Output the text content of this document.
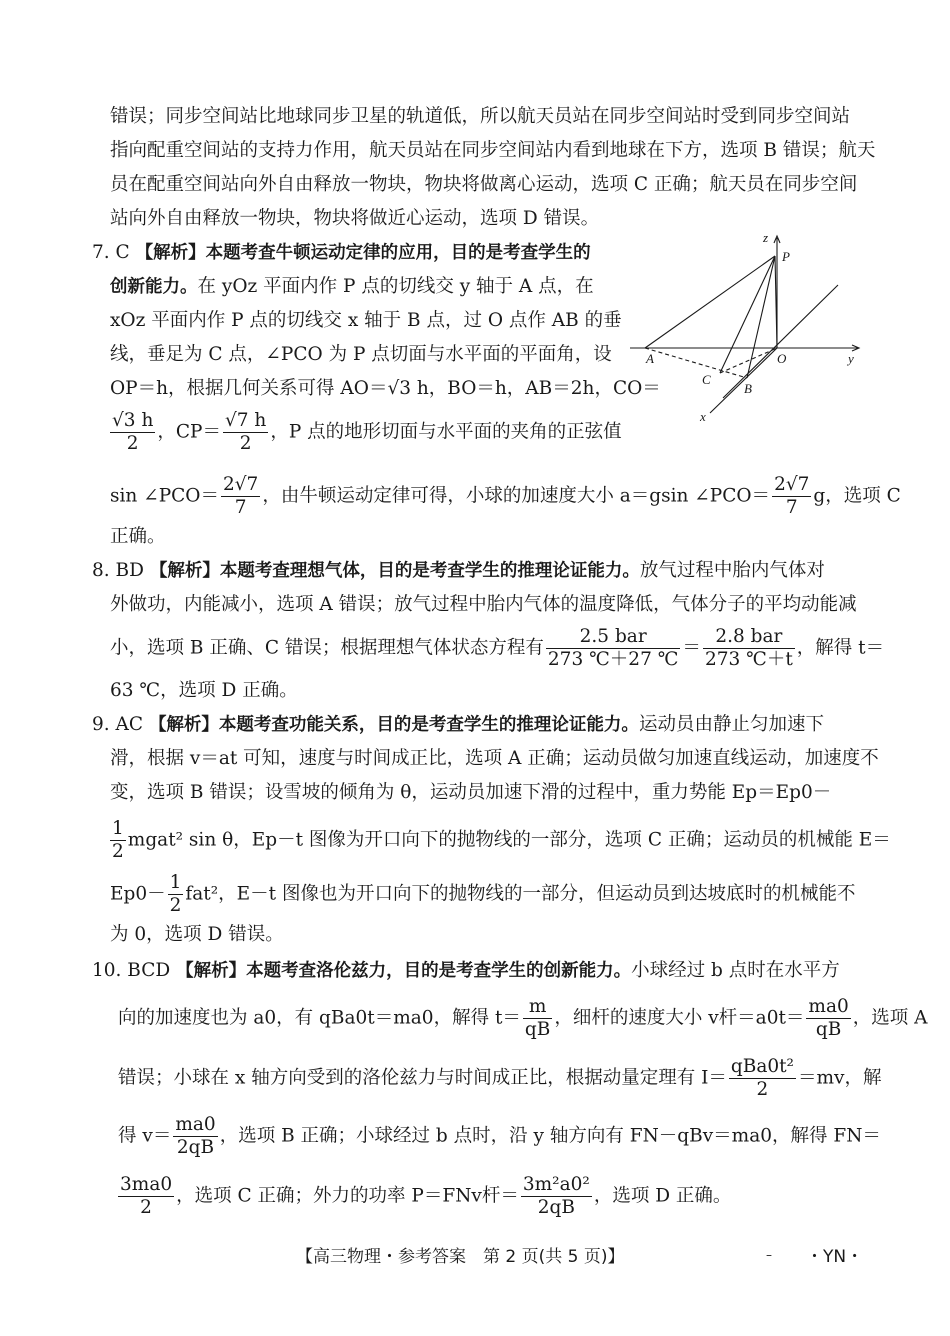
错误；同步空间站比地球同步卫星的轨道低，所以航天员站在同步空间站时受到同步空间站
指向配重空间站的支持力作用，航天员站在同步空间站内看到地球在下方，选项 B 错误；航天
员在配重空间站向外自由释放一物块，物块将做离心运动，选项 C 正确；航天员在同步空间
站向外自由释放一物块，物块将做近心运动，选项 D 错误。
7. C 【解析】本题考查牛顿运动定律的应用，目的是考查学生的
创新能力。在 yOz 平面内作 P 点的切线交 y 轴于 A 点，在
xOz 平面内作 P 点的切线交 x 轴于 B 点，过 O 点作 AB 的垂
线，垂足为 C 点，∠PCO 为 P 点切面与水平面的平面角，设
OP＝h，根据几何关系可得 AO＝√3 h，BO＝h，AB＝2h，CO＝
$\frac{√3 h}{2}$ ，$CP= \frac{√7 h}{2}$ ，P 点的地形切面与水平面的夹角的正弦值
sin ∠PCO＝ $\frac{2√7}{7}$ ，由牛顿运动定律可得，小球的加速度大小 a＝gsin ∠PCO＝ $\frac{2√7}{7}$ g，选项 C
正确。
z
P
A	O	y
C
B
x
8. BD 【解析】本题考查理想气体，目的是考查学生的推理论证能力。放气过程中胎内气体对
外做功，内能减小，选项 A 错误；放气过程中胎内气体的温度降低，气体分子的平均动能减
小，选项 B 正确、C 错误；根据理想气体状态方程有 $\frac{\text{2.5 bar}}{273 ℃+27 ℃} = \frac{\text{2.8 bar}}{273 ℃+t}$ ，解得 t＝
63 ℃，选项 D 正确。
9. AC 【解析】本题考查功能关系，目的是考查学生的推理论证能力。运动员由静止匀加速下
滑，根据 v＝at 可知，速度与时间成正比，选项 A 正确；运动员做匀加速直线运动，加速度不
变，选项 B 错误；设雪坡的倾角为 θ，运动员加速下滑的过程中，重力势能 Ep＝Ep0－
$\frac{1}{2}$ mgat² sin θ，Ep－t 图像为开口向下的抛物线的一部分，选项 C 正确；运动员的机械能 E＝
$Ep0- \frac{1}{2} fat^2$，E－t 图像也为开口向下的抛物线的一部分，但运动员到达坡底时的机械能不
为 0，选项 D 错误。
10. BCD 【解析】本题考查洛伦兹力，目的是考查学生的创新能力。小球经过 b 点时在水平方
向的加速度也为 a0，有 qBa0t＝ma0，解得 $t= \frac{m}{qB}$ ，细杆的速度大小 v杆$=a0t= \frac{ma0}{qB}$ ，选项 A
错误；小球在 x 轴方向受到的洛伦兹力与时间成正比，根据动量定理有 $I= \frac{\text{qBa0t²}}{2} =mv$，解
得 $v= \frac{ma0}{2qB}$ ，选项 B 正确；小球经过 b 点时，沿 y 轴方向有 FN－qBv＝ma0，解得 FN＝
$\frac{3ma0}{2}$ ，选项 C 正确；外力的功率 P＝FNv杆＝ $\frac{\text{3m²a0²}}{2qB}$ ，选项 D 正确。
【高三物理・参考答案　第 2 页(共 5 页)】	– ・YN・
